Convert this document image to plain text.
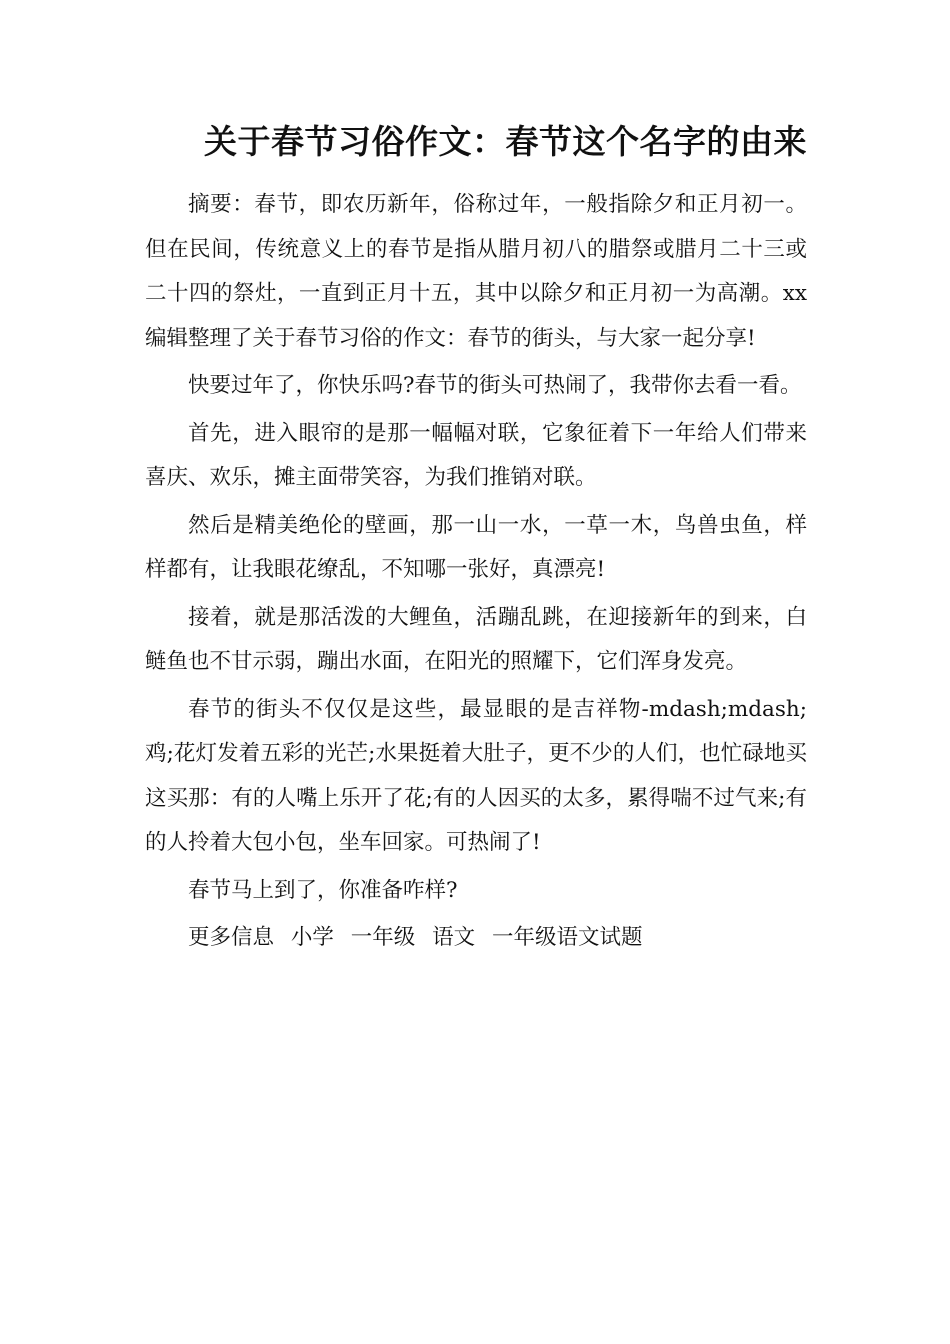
关于春节习俗作文：春节这个名字的由来

摘要：春节，即农历新年，俗称过年，一般指除夕和正月初一。但在民间，传统意义上的春节是指从腊月初八的腊祭或腊月二十三或二十四的祭灶，一直到正月十五，其中以除夕和正月初一为高潮。xx编辑整理了关于春节习俗的作文：春节的街头，与大家一起分享!

快要过年了，你快乐吗?春节的街头可热闹了，我带你去看一看。

首先，进入眼帘的是那一幅幅对联，它象征着下一年给人们带来喜庆、欢乐，摊主面带笑容，为我们推销对联。

然后是精美绝伦的壁画，那一山一水，一草一木，鸟兽虫鱼，样样都有，让我眼花缭乱，不知哪一张好，真漂亮!

接着，就是那活泼的大鲤鱼，活蹦乱跳，在迎接新年的到来，白鲢鱼也不甘示弱，蹦出水面，在阳光的照耀下，它们浑身发亮。

春节的街头不仅仅是这些，最显眼的是吉祥物-mdash;mdash;鸡;花灯发着五彩的光芒;水果挺着大肚子，更不少的人们，也忙碌地买这买那：有的人嘴上乐开了花;有的人因买的太多，累得喘不过气来;有的人拎着大包小包，坐车回家。可热闹了!

春节马上到了，你准备咋样?

更多信息 小学 一年级 语文 一年级语文试题
